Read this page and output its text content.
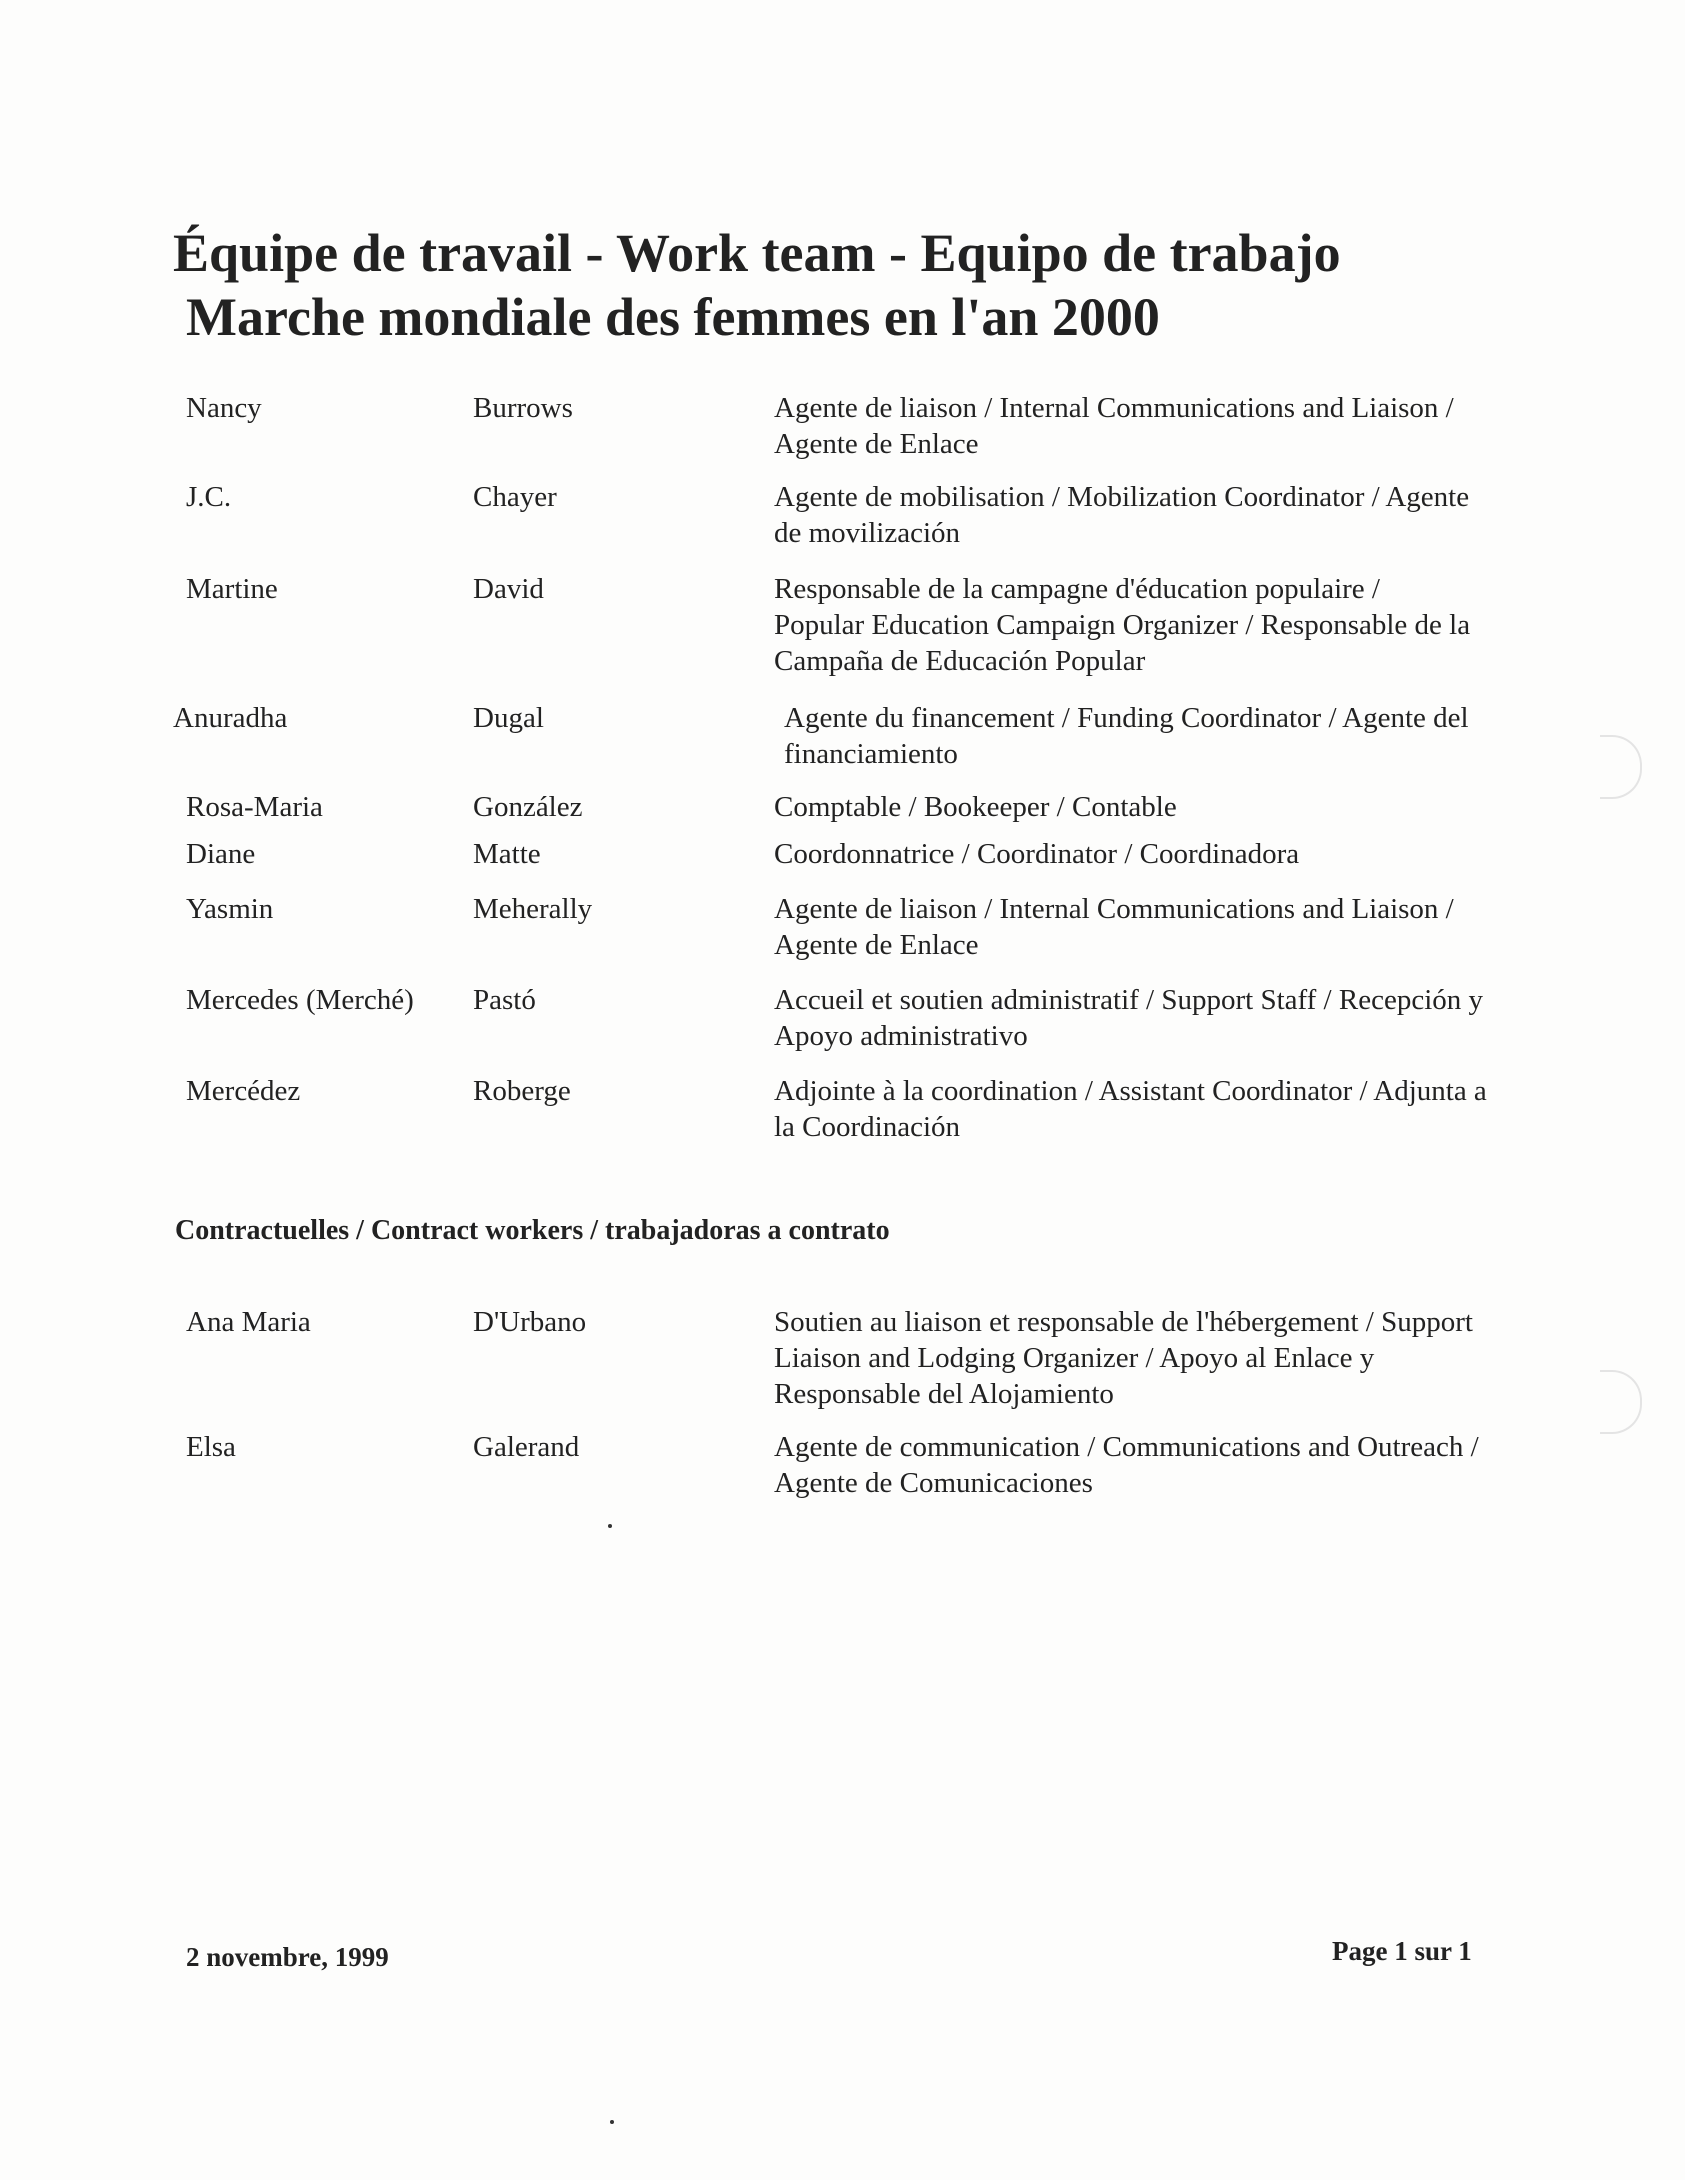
Équipe de travail - Work team - Equipo de trabajo
Marche mondiale des femmes en l'an 2000
Nancy	Burrows	Agente de liaison / Internal Communications and Liaison / Agente de Enlace
J.C.	Chayer	Agente de mobilisation / Mobilization Coordinator / Agente de movilización
Martine	David	Responsable de la campagne d'éducation populaire / Popular Education Campaign Organizer / Responsable de la Campaña de Educación Popular
Anuradha	Dugal	Agente du financement / Funding Coordinator / Agente del financiamiento
Rosa-Maria	González	Comptable / Bookeeper / Contable
Diane	Matte	Coordonnatrice / Coordinator / Coordinadora
Yasmin	Meherally	Agente de liaison / Internal Communications and Liaison / Agente de Enlace
Mercedes (Merché)	Pastó	Accueil et soutien administratif / Support Staff / Recepción y Apoyo administrativo
Mercédez	Roberge	Adjointe à la coordination / Assistant Coordinator / Adjunta a la Coordinación
Contractuelles / Contract workers / trabajadoras a contrato
Ana Maria	D'Urbano	Soutien au liaison et responsable de l'hébergement / Support Liaison and Lodging Organizer / Apoyo al Enlace y Responsable del Alojamiento
Elsa	Galerand	Agente de communication / Communications and Outreach / Agente de Comunicaciones
2 novembre, 1999	Page 1 sur 1
